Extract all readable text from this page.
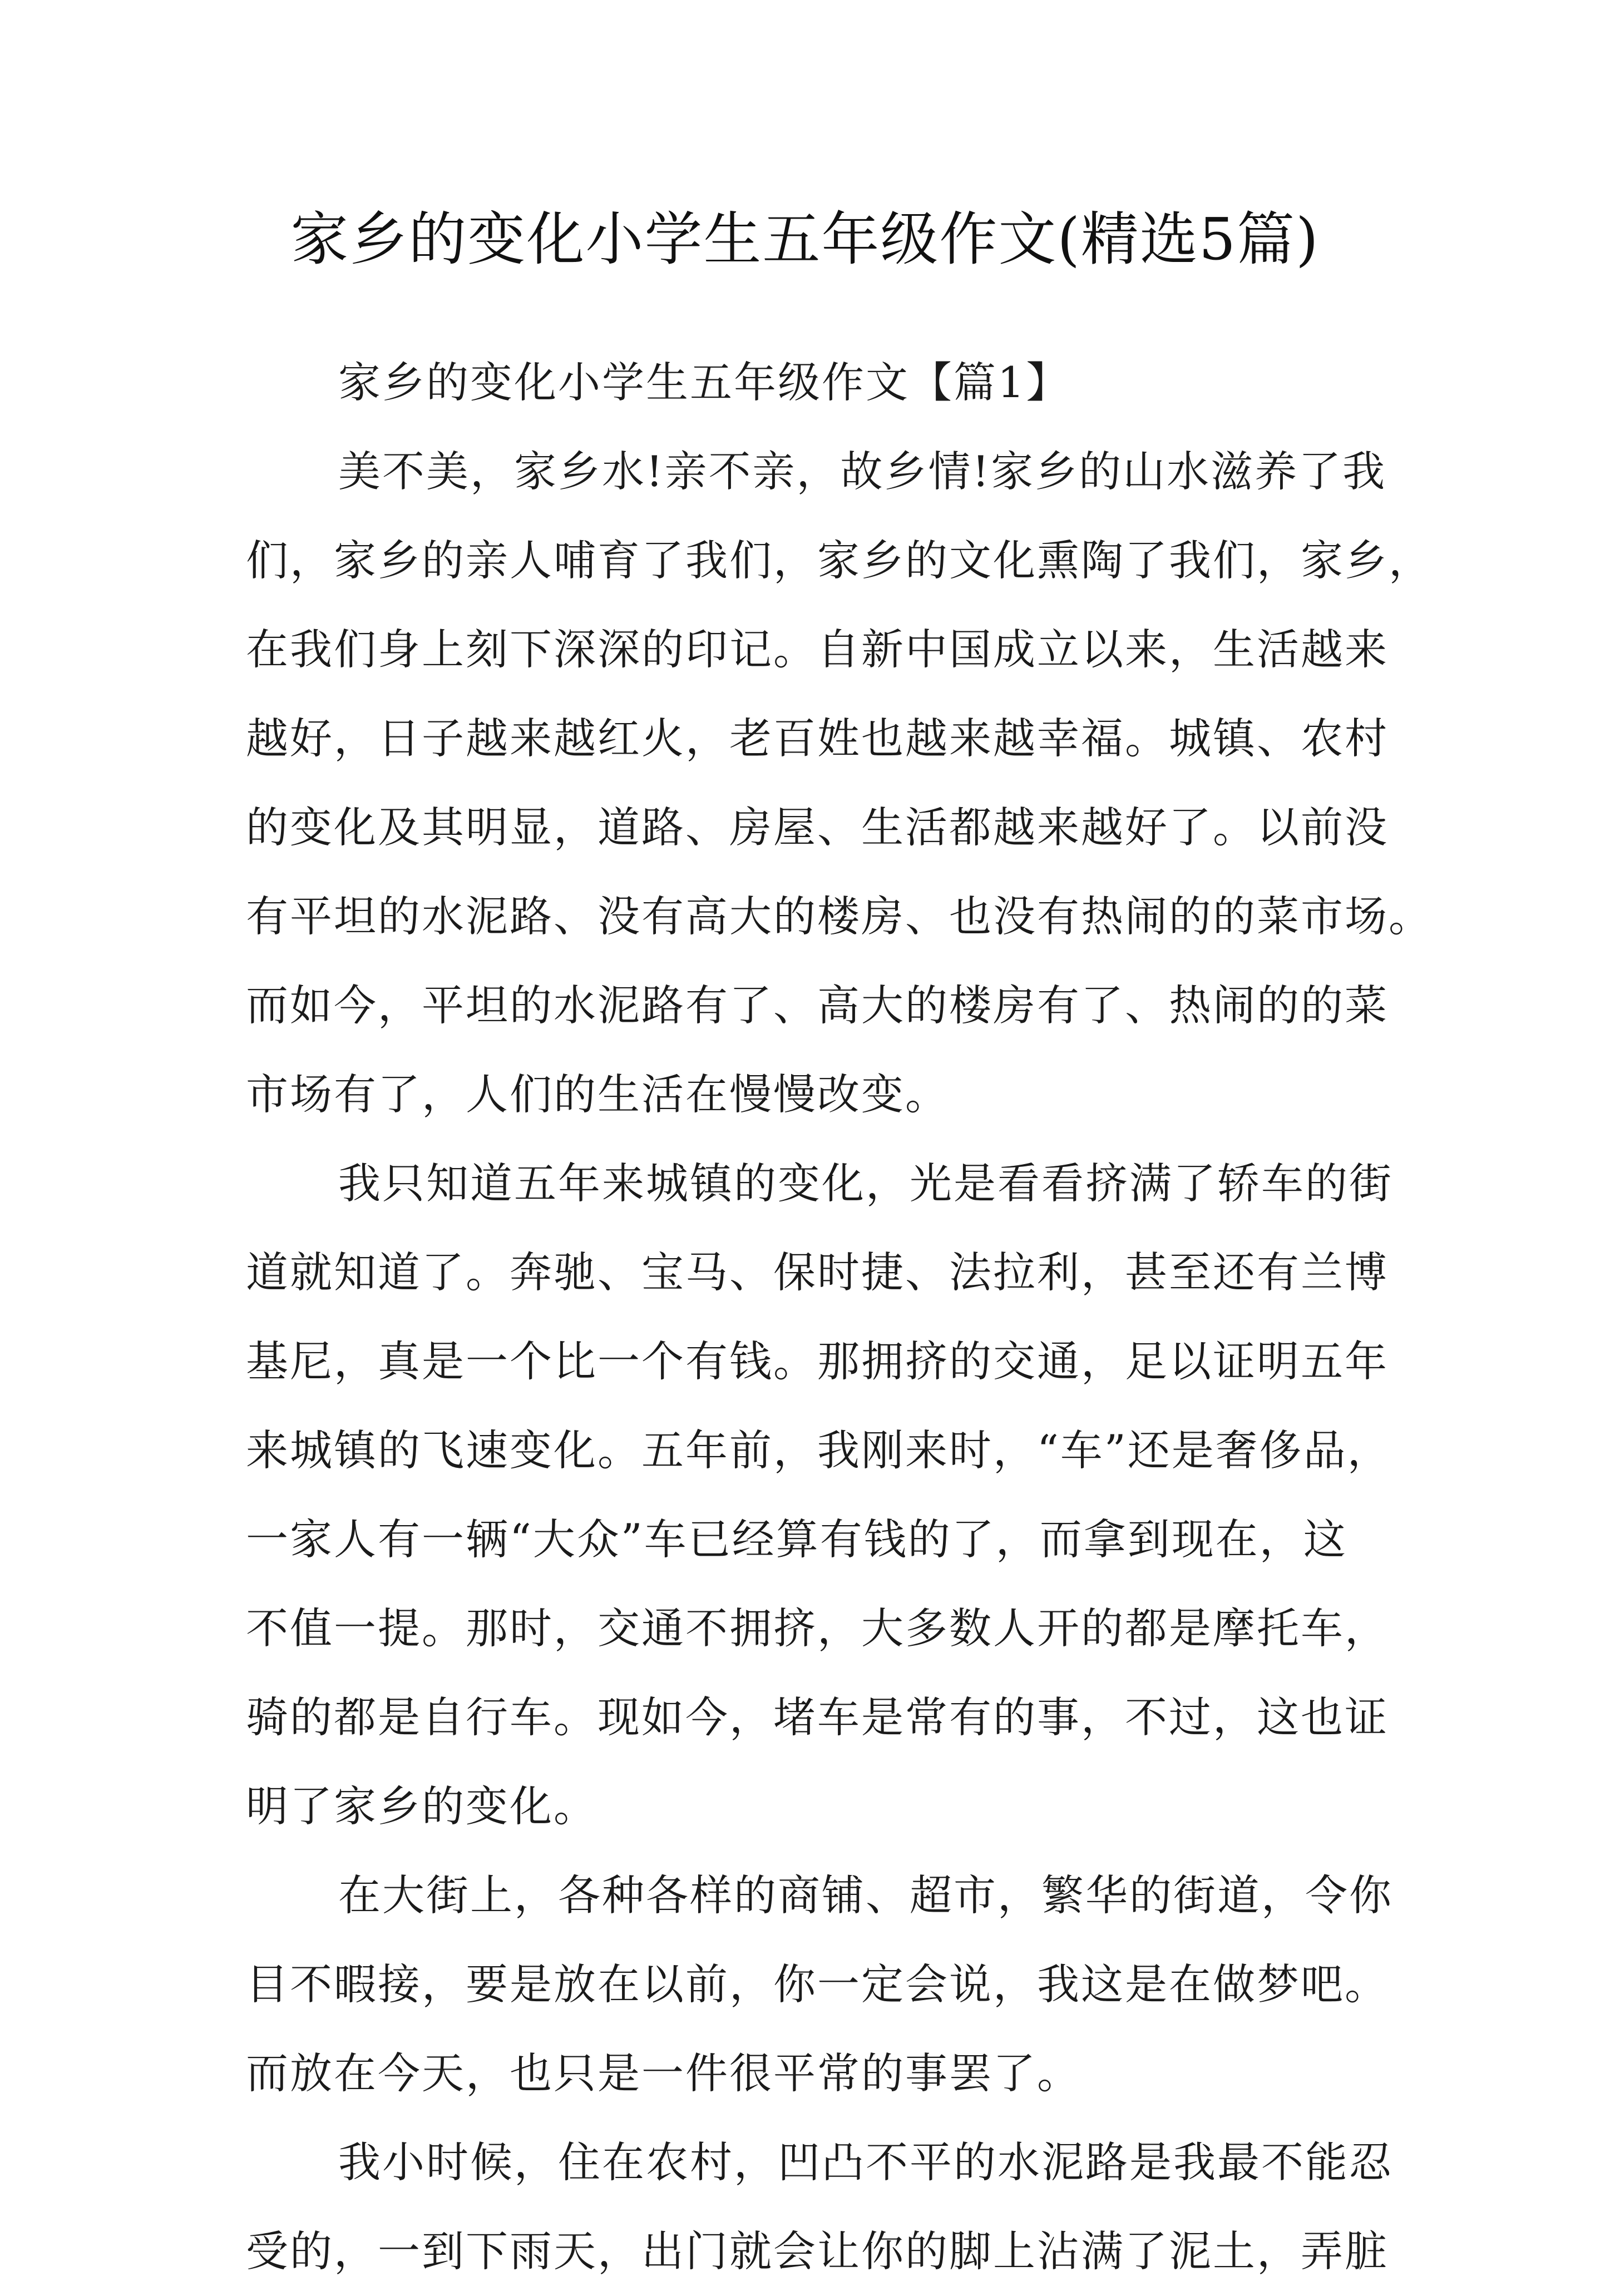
家乡的变化小学生五年级作文(精选5篇)
家乡的变化小学生五年级作文【篇1】
美不美，家乡水!亲不亲，故乡情!家乡的山水滋养了我
们，家乡的亲人哺育了我们，家乡的文化熏陶了我们，家乡，
在我们身上刻下深深的印记。自新中国成立以来，生活越来
越好，日子越来越红火，老百姓也越来越幸福。城镇、农村
的变化及其明显，道路、房屋、生活都越来越好了。以前没
有平坦的水泥路、没有高大的楼房、也没有热闹的的菜市场。
而如今，平坦的水泥路有了、高大的楼房有了、热闹的的菜
市场有了，人们的生活在慢慢改变。
我只知道五年来城镇的变化，光是看看挤满了轿车的街
道就知道了。奔驰、宝马、保时捷、法拉利，甚至还有兰博
基尼，真是一个比一个有钱。那拥挤的交通，足以证明五年
来城镇的飞速变化。五年前，我刚来时，“车”还是奢侈品，
一家人有一辆“大众”车已经算有钱的了，而拿到现在，这
不值一提。那时，交通不拥挤，大多数人开的都是摩托车，
骑的都是自行车。现如今，堵车是常有的事，不过，这也证
明了家乡的变化。
在大街上，各种各样的商铺、超市，繁华的街道，令你
目不暇接，要是放在以前，你一定会说，我这是在做梦吧。
而放在今天，也只是一件很平常的事罢了。
我小时候，住在农村，凹凸不平的水泥路是我最不能忍
受的，一到下雨天，出门就会让你的脚上沾满了泥土，弄脏
